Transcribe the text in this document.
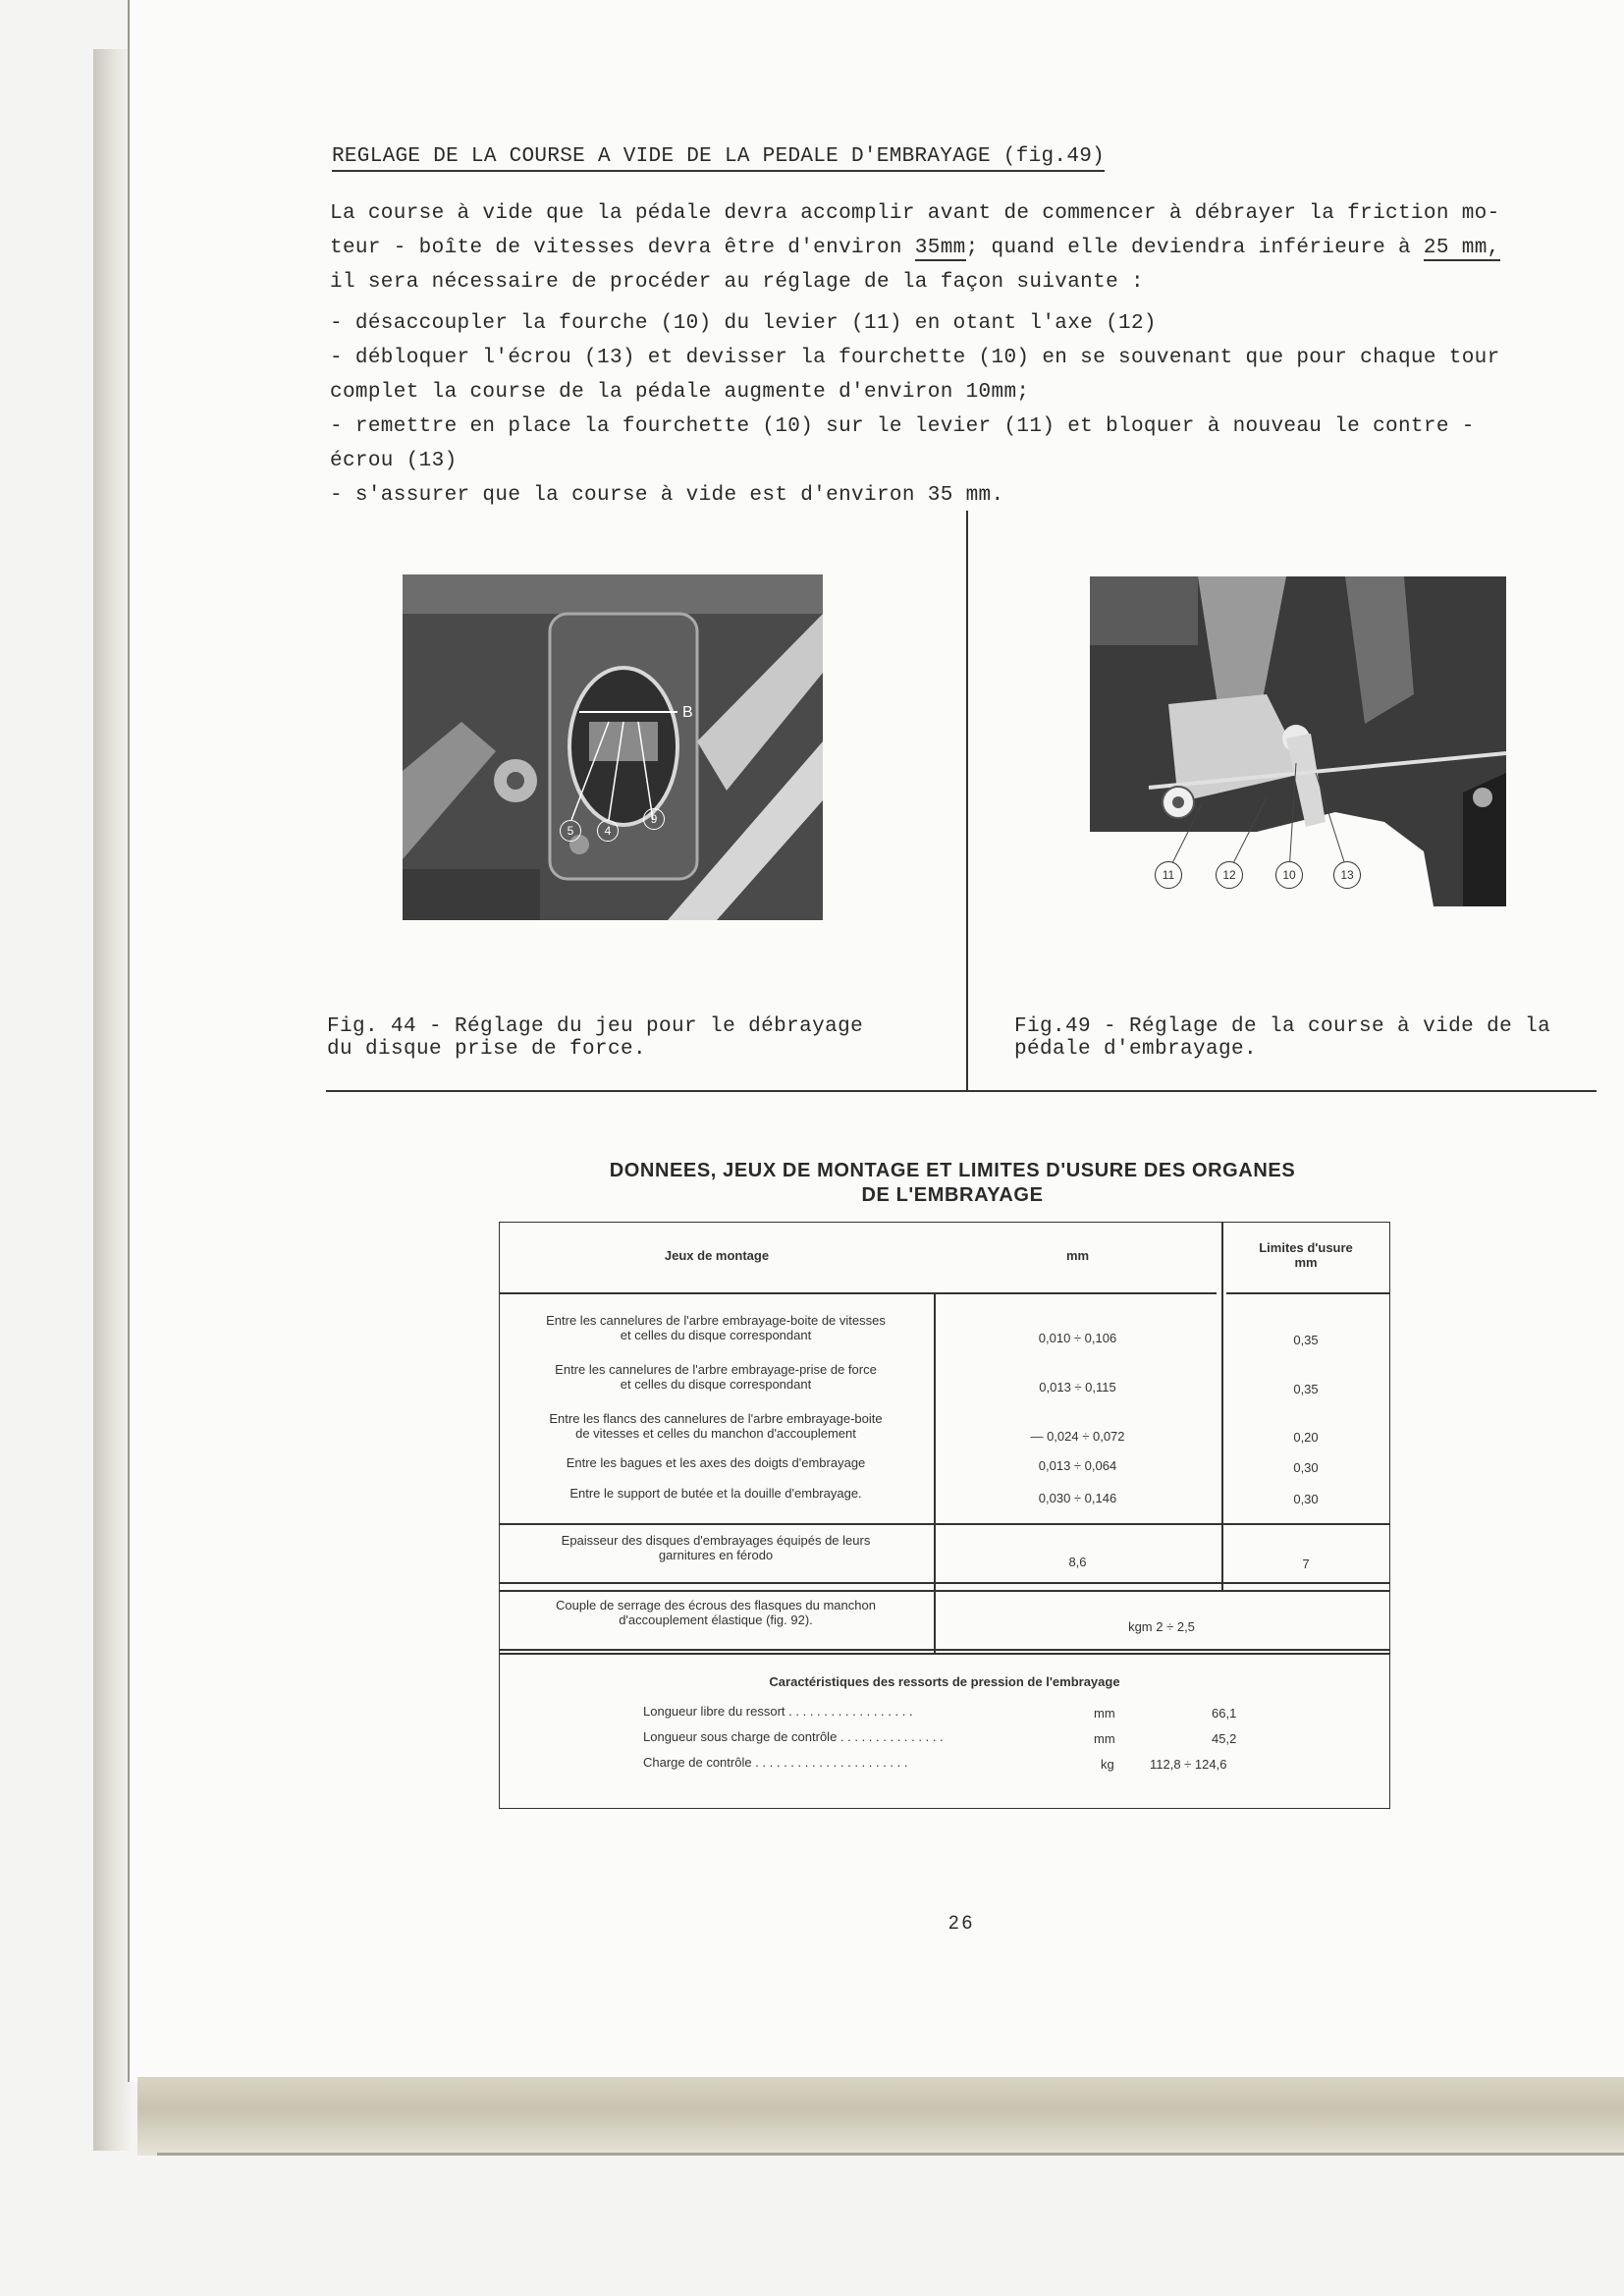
REGLAGE DE LA COURSE A VIDE DE LA PEDALE D'EMBRAYAGE (fig.49)
La course à vide que la pédale devra accomplir avant de commencer à débrayer la friction mo-
teur - boîte de vitesses devra être d'environ 35mm; quand elle deviendra inférieure à 25 mm,
il sera nécessaire de procéder au réglage de la façon suivante :
- désaccoupler la fourche (10) du levier (11) en otant l'axe (12)
- débloquer l'écrou (13) et devisser la fourchette (10) en se souvenant que pour chaque tour
complet la course de la pédale augmente d'environ 10mm;
- remettre en place la fourchette (10) sur le levier (11) et bloquer à nouveau le contre -
écrou (13)
- s'assurer que la course à vide est d'environ 35 mm.
B
5	4
9
11	12	10	13
Fig. 44 - Réglage du jeu pour le débrayage
du disque prise de force.
Fig.49 - Réglage de la course à vide de la
pédale d'embrayage.
DONNEES, JEUX DE MONTAGE ET LIMITES D'USURE DES ORGANES
DE L'EMBRAYAGE
Jeux de montage	mm
Limites d'usure
mm
Entre les cannelures de l'arbre embrayage-boite de vitesses
et celles du disque correspondant	0,010 ÷ 0,106	0,35
Entre les cannelures de l'arbre embrayage-prise de force
et celles du disque correspondant	0,013 ÷ 0,115	0,35
Entre les flancs des cannelures de l'arbre embrayage-boite
de vitesses et celles du manchon d'accouplement	— 0,024 ÷ 0,072	0,20
Entre les bagues et les axes des doigts d'embrayage	0,013 ÷ 0,064	0,30
Entre le support de butée et la douille d'embrayage.	0,030 ÷ 0,146	0,30
Epaisseur des disques d'embrayages équipés de leurs
garnitures en férodo	8,6	7
Couple de serrage des écrous des flasques du manchon
d'accouplement élastique (fig. 92).	kgm 2 ÷ 2,5
Caractéristiques des ressorts de pression de l'embrayage
Longueur libre du ressort . . . . . . . . . . . . . . . . . .	mm	66,1
Longueur sous charge de contrôle . . . . . . . . . . . . . . .	mm	45,2
Charge de contrôle . . . . . . . . . . . . . . . . . . . . . .	kg	112,8 ÷ 124,6
26
